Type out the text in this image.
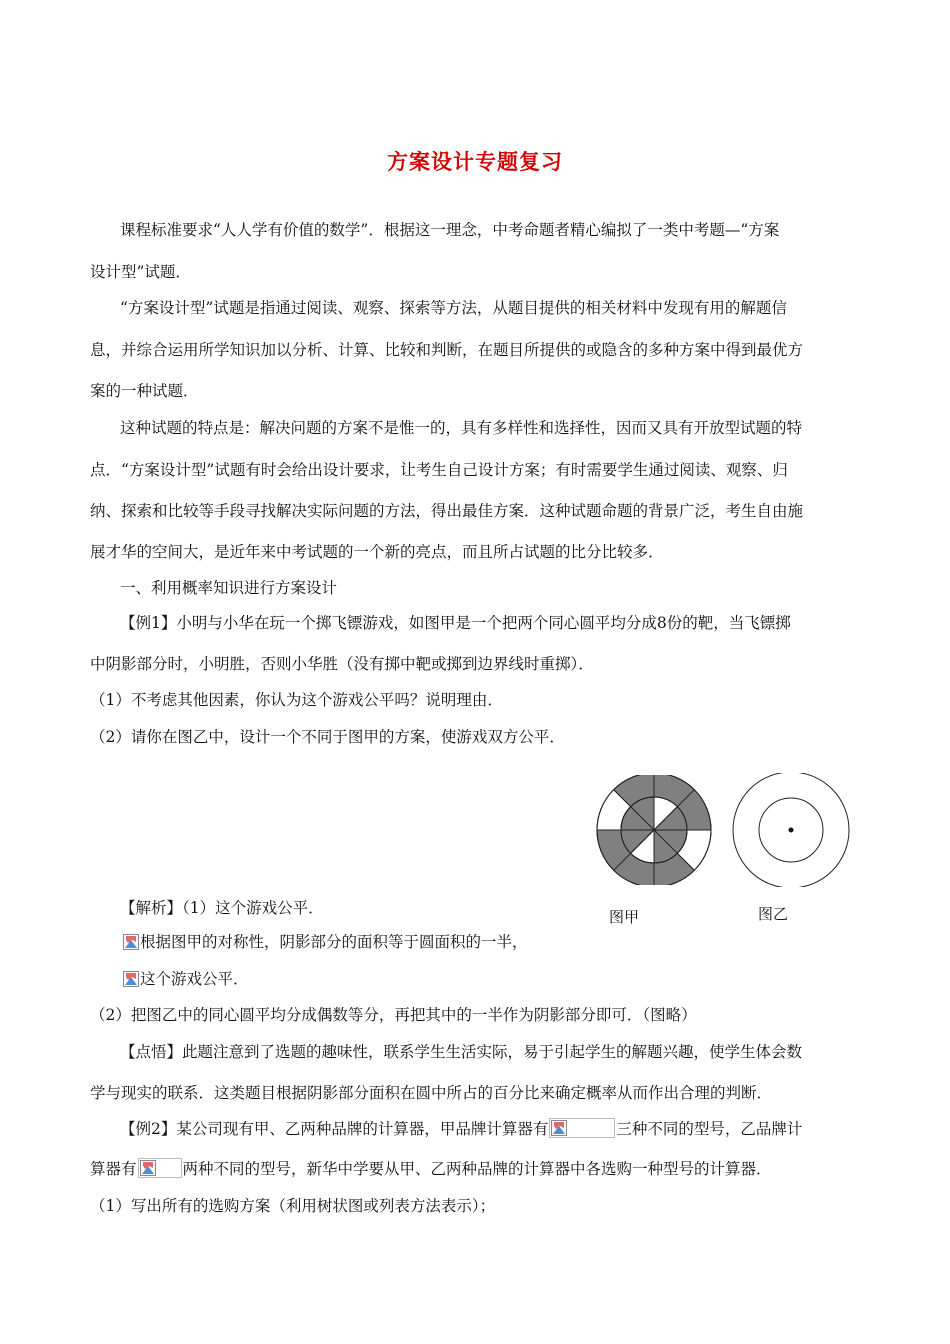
方案设计专题复习
课程标准要求“人人学有价值的数学”．根据这一理念，中考命题者精心编拟了一类中考题—“方案
设计型”试题．
“方案设计型”试题是指通过阅读、观察、探索等方法，从题目提供的相关材料中发现有用的解题信
息，并综合运用所学知识加以分析、计算、比较和判断，在题目所提供的或隐含的多种方案中得到最优方
案的一种试题．
这种试题的特点是：解决问题的方案不是惟一的，具有多样性和选择性，因而又具有开放型试题的特
点．“方案设计型”试题有时会给出设计要求，让考生自己设计方案；有时需要学生通过阅读、观察、归
纳、探索和比较等手段寻找解决实际问题的方法，得出最佳方案．这种试题命题的背景广泛，考生自由施
展才华的空间大，是近年来中考试题的一个新的亮点，而且所占试题的比分比较多．
一、利用概率知识进行方案设计
【例1】小明与小华在玩一个掷飞镖游戏，如图甲是一个把两个同心圆平均分成8份的靶，当飞镖掷
中阴影部分时，小明胜，否则小华胜（没有掷中靶或掷到边界线时重掷）．
（1）不考虑其他因素，你认为这个游戏公平吗？说明理由．
（2）请你在图乙中，设计一个不同于图甲的方案，使游戏双方公平．
图甲	图乙
【解析】（1）这个游戏公平．
根据图甲的对称性，阴影部分的面积等于圆面积的一半，
这个游戏公平．
（2）把图乙中的同心圆平均分成偶数等分，再把其中的一半作为阴影部分即可．（图略）
【点悟】此题注意到了选题的趣味性，联系学生生活实际，易于引起学生的解题兴趣，使学生体会数
学与现实的联系．这类题目根据阴影部分面积在圆中所占的百分比来确定概率从而作出合理的判断．
【例2】某公司现有甲、乙两种品牌的计算器，甲品牌计算器有	三种不同的型号，乙品牌计
算器有	两种不同的型号，新华中学要从甲、乙两种品牌的计算器中各选购一种型号的计算器．
（1）写出所有的选购方案（利用树状图或列表方法表示）；
